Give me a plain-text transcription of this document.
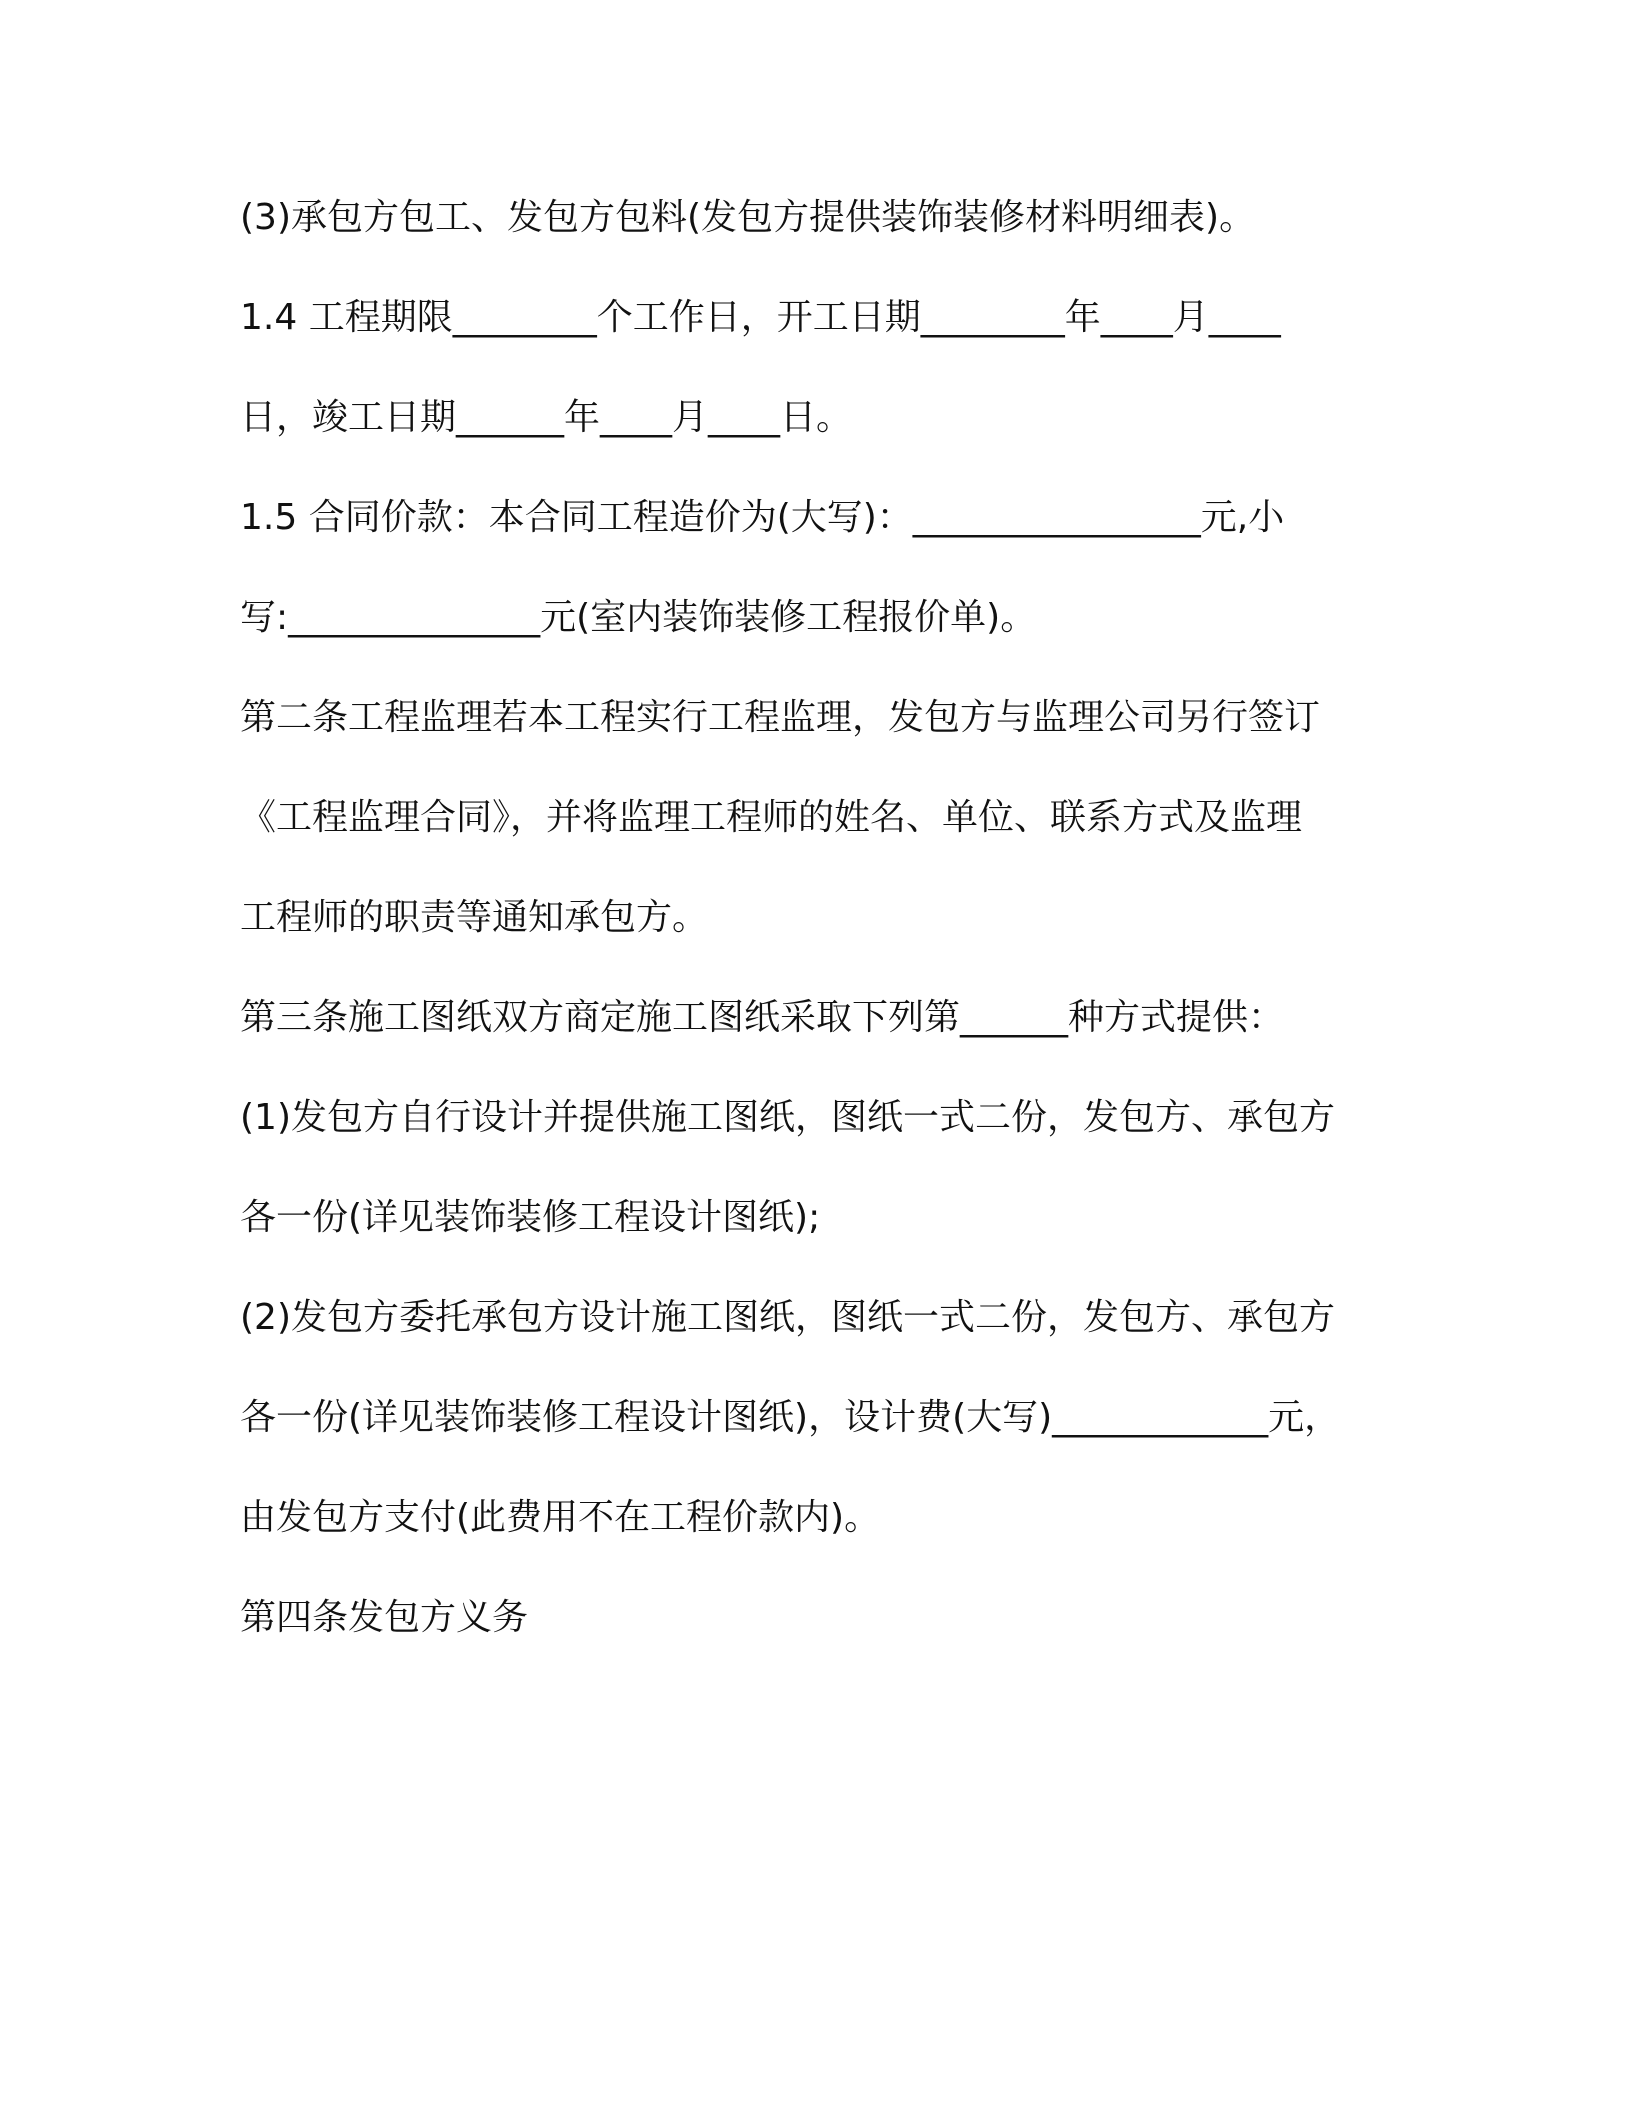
(3)承包方包工、发包方包料(发包方提供装饰装修材料明细表)。
1.4 工程期限________个工作日，开工日期________年____月____
日，竣工日期______年____月____日。
1.5 合同价款：本合同工程造价为(大写)：________________元,小
写:______________元(室内装饰装修工程报价单)。
第二条工程监理若本工程实行工程监理，发包方与监理公司另行签订
《工程监理合同》，并将监理工程师的姓名、单位、联系方式及监理
工程师的职责等通知承包方。
第三条施工图纸双方商定施工图纸采取下列第______种方式提供：
(1)发包方自行设计并提供施工图纸，图纸一式二份，发包方、承包方
各一份(详见装饰装修工程设计图纸);
(2)发包方委托承包方设计施工图纸，图纸一式二份，发包方、承包方
各一份(详见装饰装修工程设计图纸)，设计费(大写)____________元，
由发包方支付(此费用不在工程价款内)。
第四条发包方义务
